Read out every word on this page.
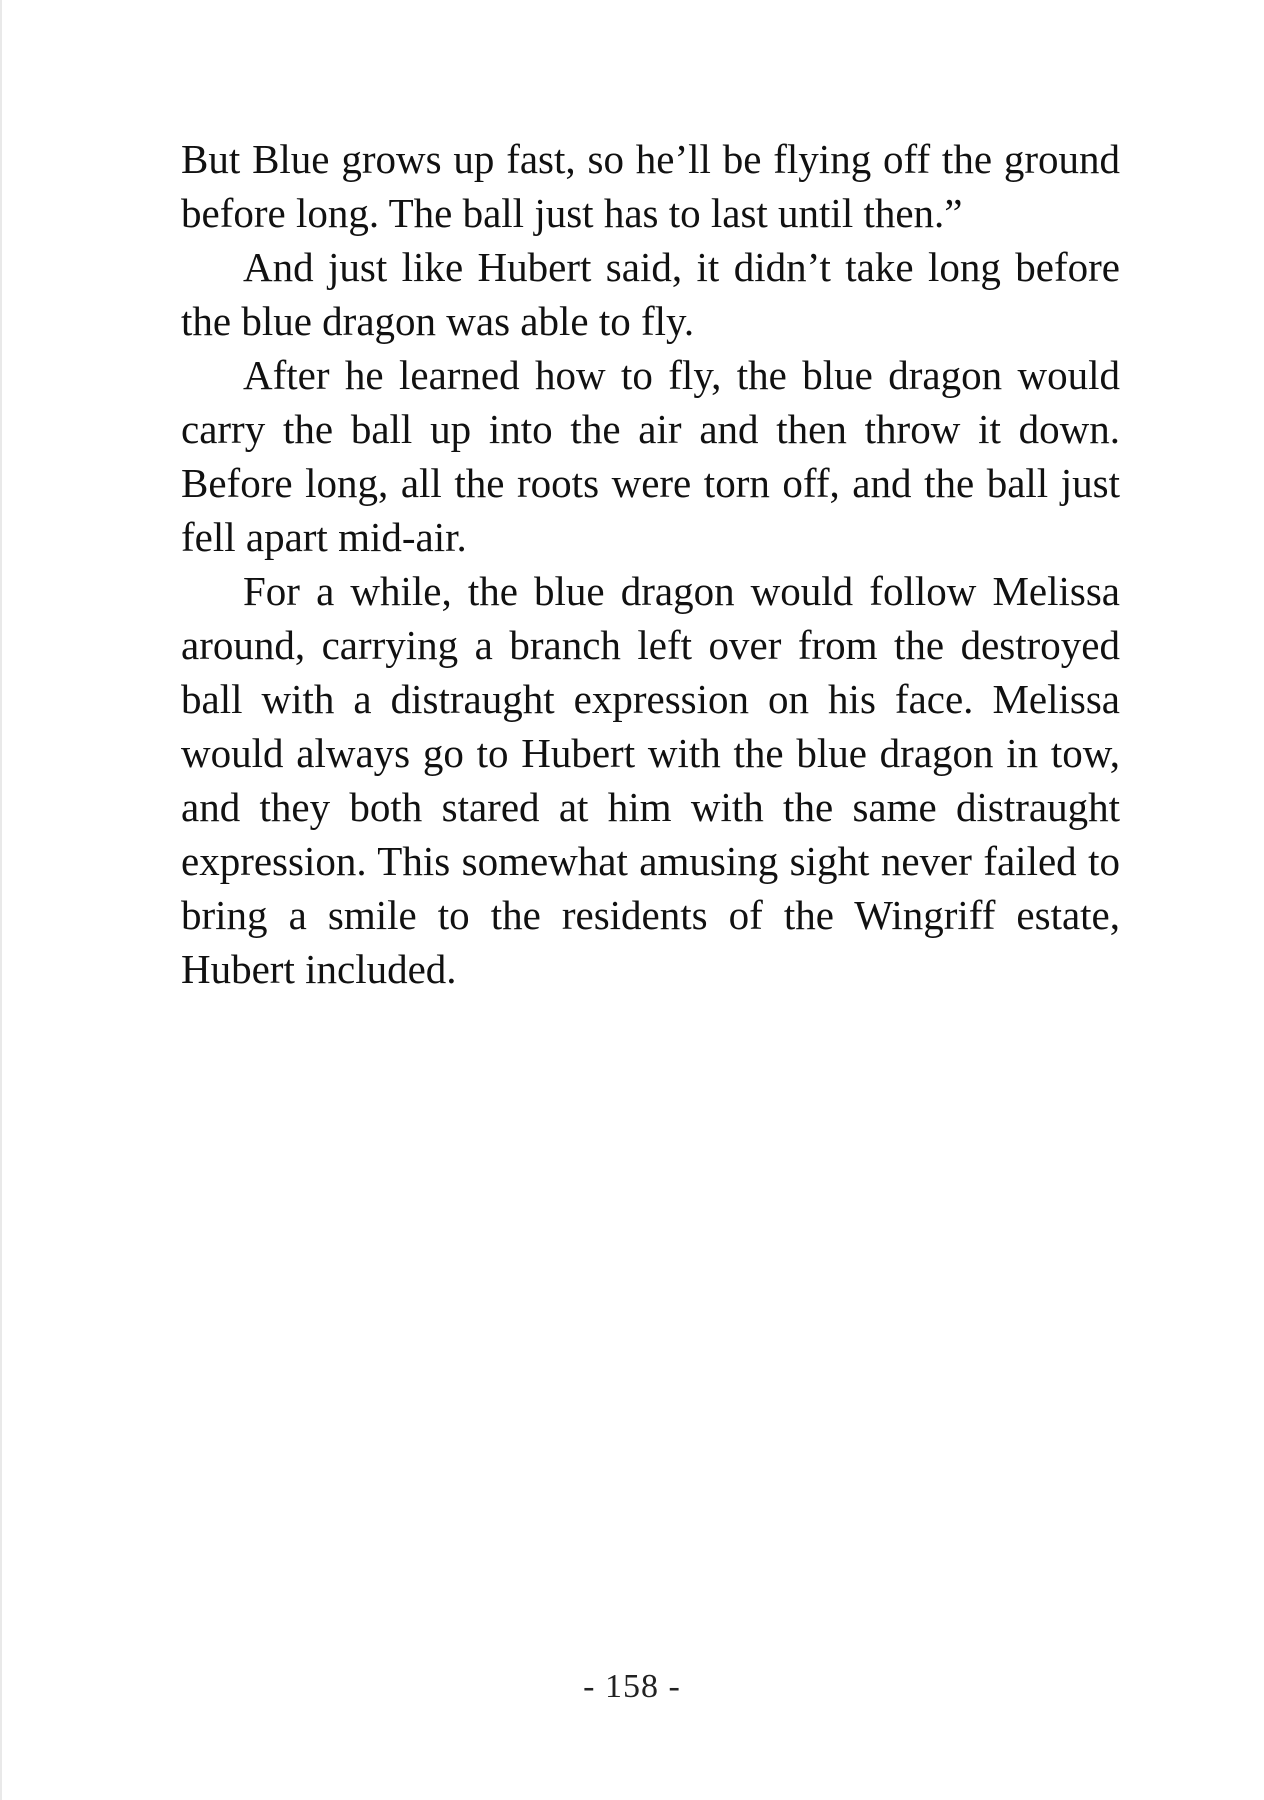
But Blue grows up fast, so he’ll be flying off the ground before long. The ball just has to last until then.”

And just like Hubert said, it didn’t take long before the blue dragon was able to fly.

After he learned how to fly, the blue dragon would carry the ball up into the air and then throw it down. Before long, all the roots were torn off, and the ball just fell apart mid-air.

For a while, the blue dragon would follow Melissa around, carrying a branch left over from the destroyed ball with a distraught expression on his face. Melissa would always go to Hubert with the blue dragon in tow, and they both stared at him with the same distraught expression. This somewhat amusing sight never failed to bring a smile to the residents of the Wingriff estate, Hubert included.

- 158 -
